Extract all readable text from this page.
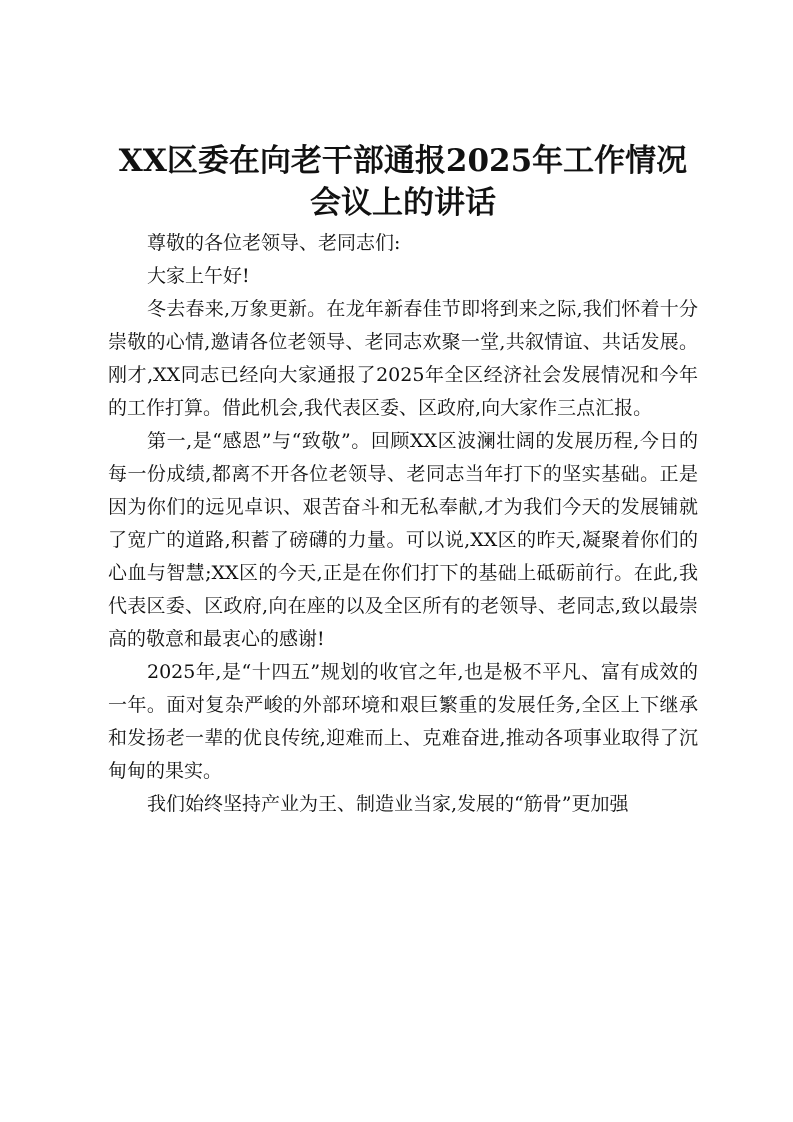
XX区委在向老干部通报2025年工作情况会议上的讲话

尊敬的各位老领导、老同志们:

大家上午好!

冬去春来,万象更新。在龙年新春佳节即将到来之际,我们怀着十分崇敬的心情,邀请各位老领导、老同志欢聚一堂,共叙情谊、共话发展。刚才,XX同志已经向大家通报了2025年全区经济社会发展情况和今年的工作打算。借此机会,我代表区委、区政府,向大家作三点汇报。

第一,是“感恩”与“致敬”。回顾XX区波澜壮阔的发展历程,今日的每一份成绩,都离不开各位老领导、老同志当年打下的坚实基础。正是因为你们的远见卓识、艰苦奋斗和无私奉献,才为我们今天的发展铺就了宽广的道路,积蓄了磅礴的力量。可以说,XX区的昨天,凝聚着你们的心血与智慧;XX区的今天,正是在你们打下的基础上砥砺前行。在此,我代表区委、区政府,向在座的以及全区所有的老领导、老同志,致以最崇高的敬意和最衷心的感谢!

2025年,是“十四五”规划的收官之年,也是极不平凡、富有成效的一年。面对复杂严峻的外部环境和艰巨繁重的发展任务,全区上下继承和发扬老一辈的优良传统,迎难而上、克难奋进,推动各项事业取得了沉甸甸的果实。

我们始终坚持产业为王、制造业当家,发展的“筋骨”更加强
